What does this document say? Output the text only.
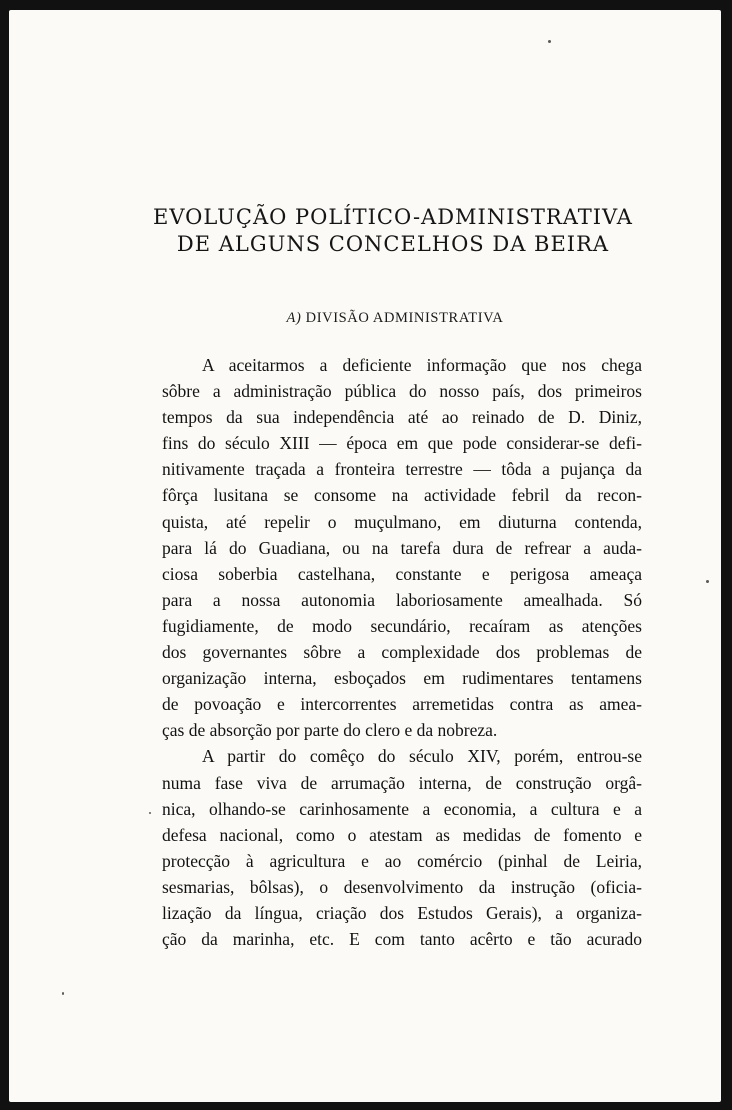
EVOLUÇÃO POLÍTICO-ADMINISTRATIVA
DE ALGUNS CONCELHOS DA BEIRA
A) DIVISÃO ADMINISTRATIVA
A aceitarmos a deficiente informação que nos chega
sôbre a administração pública do nosso país, dos primeiros
tempos da sua independência até ao reinado de D. Diniz,
fins do século XIII — época em que pode considerar-se defi-
nitivamente traçada a fronteira terrestre — tôda a pujança da
fôrça lusitana se consome na actividade febril da recon-
quista, até repelir o muçulmano, em diuturna contenda,
para lá do Guadiana, ou na tarefa dura de refrear a auda-
ciosa soberbia castelhana, constante e perigosa ameaça
para a nossa autonomia laboriosamente amealhada. Só
fugidiamente, de modo secundário, recaíram as atenções
dos governantes sôbre a complexidade dos problemas de
organização interna, esboçados em rudimentares tentamens
de povoação e intercorrentes arremetidas contra as amea-
ças de absorção por parte do clero e da nobreza.
A partir do comêço do século XIV, porém, entrou-se
numa fase viva de arrumação interna, de construção orgâ-
nica, olhando-se carinhosamente a economia, a cultura e a
defesa nacional, como o atestam as medidas de fomento e
protecção à agricultura e ao comércio (pinhal de Leiria,
sesmarias, bôlsas), o desenvolvimento da instrução (oficia-
lização da língua, criação dos Estudos Gerais), a organiza-
ção da marinha, etc. E com tanto acêrto e tão acurado
